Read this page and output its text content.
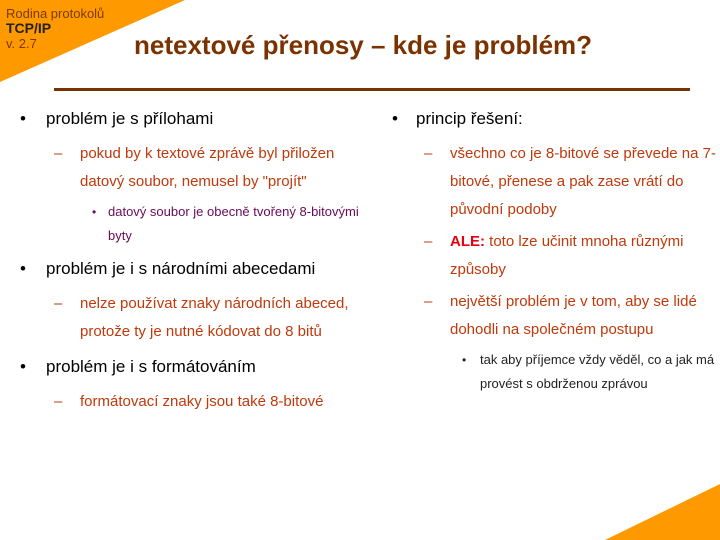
Rodina protokolů
TCP/IP
v. 2.7	netextové přenosy – kde je problém?
• problém je s přílohami
– pokud by k textové zprávě byl přiložen datový soubor, nemusel by "projít"
• datový soubor je obecně tvořený 8-bitovými byty
• problém je i s národními abecedami
– nelze používat znaky národních abeced, protože ty je nutné kódovat do 8 bitů
• problém je i s formátováním
– formátovací znaky jsou také 8-bitové
• princip řešení:
– všechno co je 8-bitové se převede na 7-bitové, přenese a pak zase vrátí do původní podoby
– ALE: toto lze učinit mnoha různými způsoby
– největší problém je v tom, aby se lidé dohodli na společném postupu
• tak aby příjemce vždy věděl, co a jak má provést s obdrženou zprávou
